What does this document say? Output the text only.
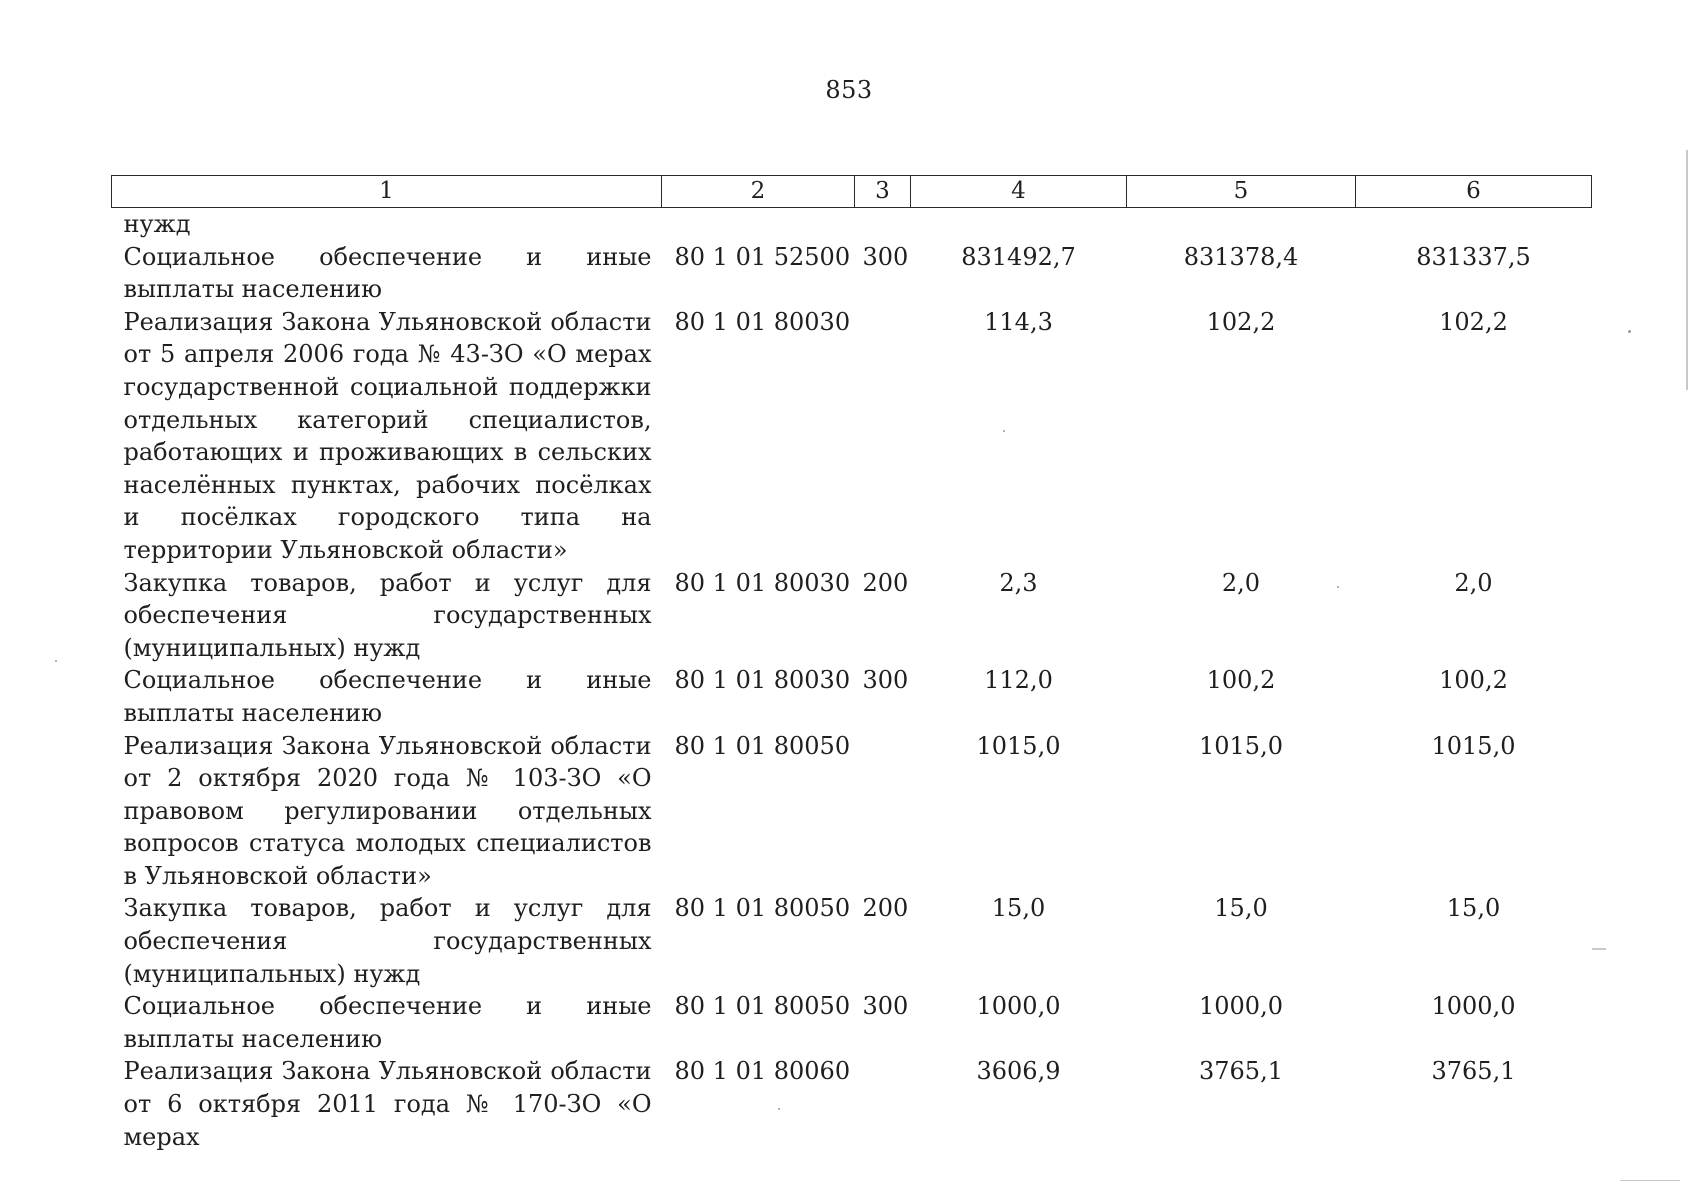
853
1	2	3	4	5	6
нужд					
Социальное обеспечение и иные выплаты населению	80 1 01 52500	300	831492,7	831378,4	831337,5
Реализация Закона Ульяновской области от 5 апреля 2006 года № 43-ЗО «О мерах государственной социальной поддержки отдельных категорий специалистов, работающих и проживающих в сельских населённых пунктах, рабочих посёлках и посёлках городского типа на территории Ульяновской области»	80 1 01 80030		114,3	102,2	102,2
Закупка товаров, работ и услуг для обеспечения государственных (муниципальных) нужд	80 1 01 80030	200	2,3	2,0	2,0
Социальное обеспечение и иные выплаты населению	80 1 01 80030	300	112,0	100,2	100,2
Реализация Закона Ульяновской области от 2 октября 2020 года № 103-ЗО «О правовом регулировании отдельных вопросов статуса молодых специалистов в Ульяновской области»	80 1 01 80050		1015,0	1015,0	1015,0
Закупка товаров, работ и услуг для обеспечения государственных (муниципальных) нужд	80 1 01 80050	200	15,0	15,0	15,0
Социальное обеспечение и иные выплаты населению	80 1 01 80050	300	1000,0	1000,0	1000,0
Реализация Закона Ульяновской области от 6 октября 2011 года № 170-ЗО «О мерах	80 1 01 80060		3606,9	3765,1	3765,1
